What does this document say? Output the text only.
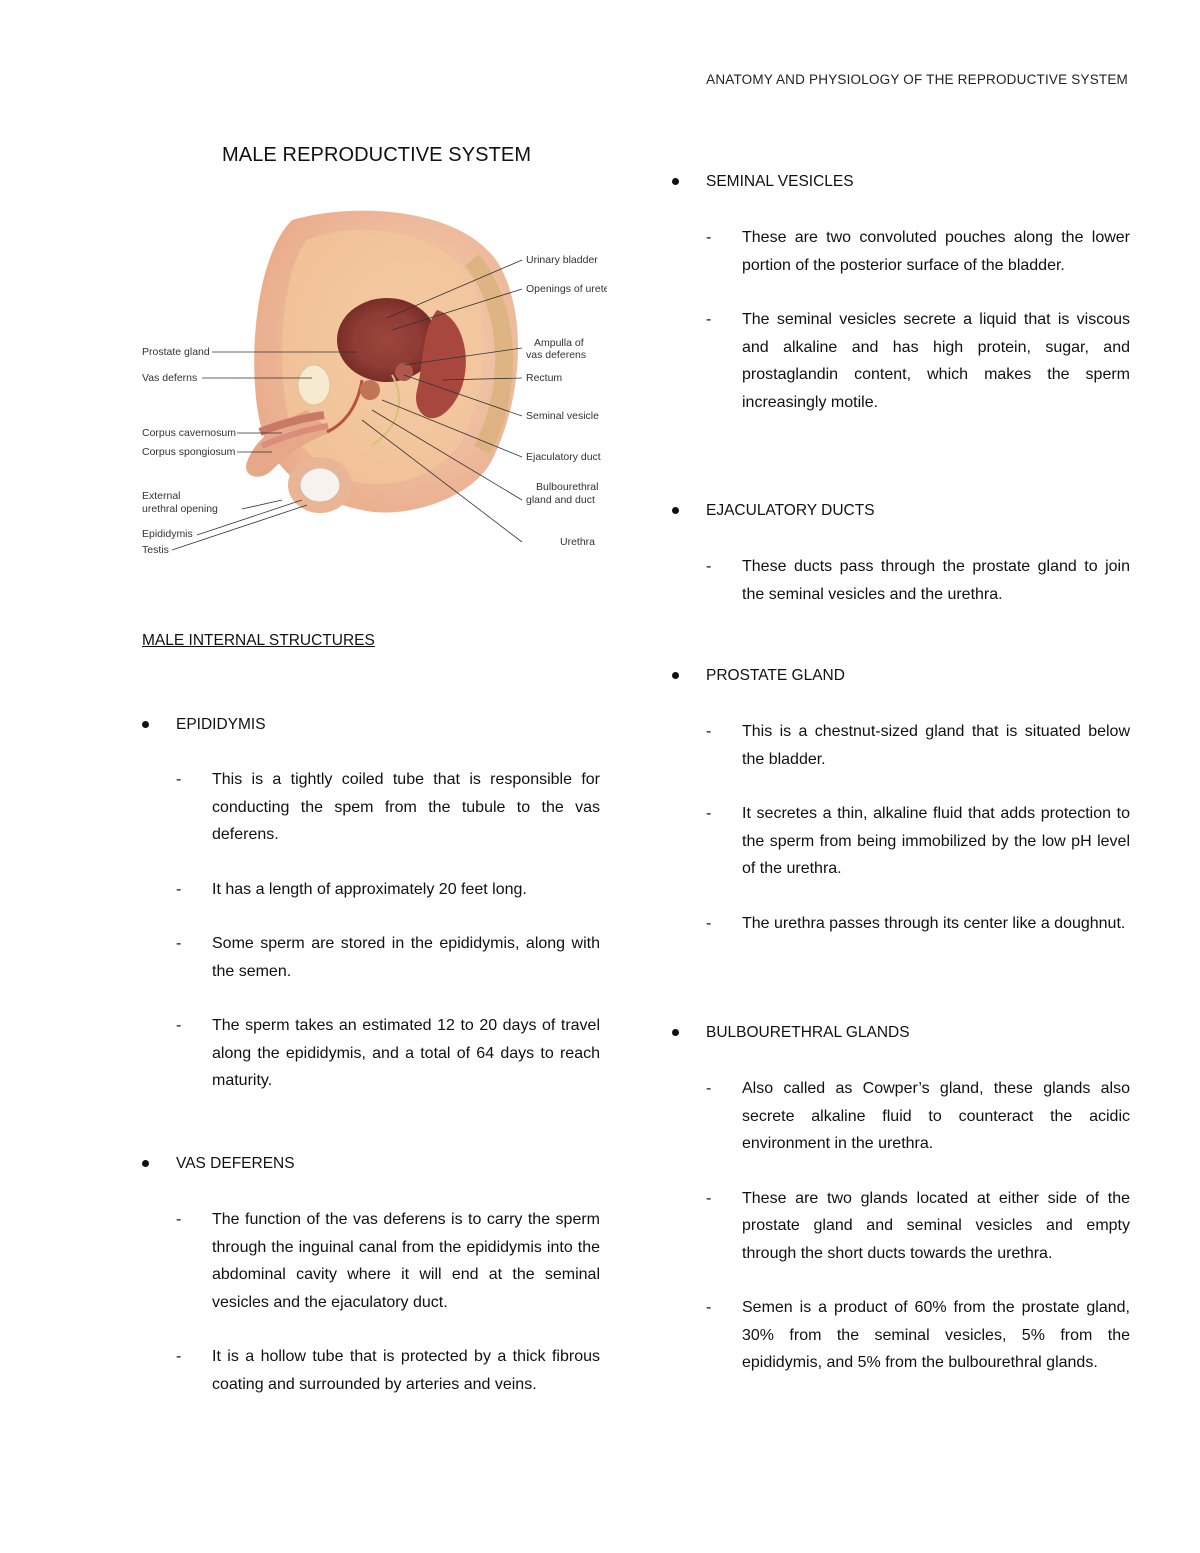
ANATOMY AND PHYSIOLOGY OF THE REPRODUCTIVE SYSTEM
MALE REPRODUCTIVE SYSTEM
Prostate gland
Vas deferns
Corpus cavernosum
Corpus spongiosum
External
urethral opening
Epididymis
Testis
Urinary bladder
Openings of ureter
Ampulla of
vas deferens
Rectum
Seminal vesicle
Ejaculatory duct
Bulbourethral
gland and duct
Urethra
MALE INTERNAL STRUCTURES
EPIDIDYMIS

- This is a tightly coiled tube that is responsible for conducting the spem from the tubule to the vas deferens.

- It has a length of approximately 20 feet long.

- Some sperm are stored in the epididymis, along with the semen.

- The sperm takes an estimated 12 to 20 days of travel along the epididymis, and a total of 64 days to reach maturity.

VAS DEFERENS

- The function of the vas deferens is to carry the sperm through the inguinal canal from the epididymis into the abdominal cavity where it will end at the seminal vesicles and the ejaculatory duct.

- It is a hollow tube that is protected by a thick fibrous coating and surrounded by arteries and veins.

SEMINAL VESICLES

- These are two convoluted pouches along the lower portion of the posterior surface of the bladder.

- The seminal vesicles secrete a liquid that is viscous and alkaline and has high protein, sugar, and prostaglandin content, which makes the sperm increasingly motile.

EJACULATORY DUCTS

- These ducts pass through the prostate gland to join the seminal vesicles and the urethra.

PROSTATE GLAND

- This is a chestnut-sized gland that is situated below the bladder.

- It secretes a thin, alkaline fluid that adds protection to the sperm from being immobilized by the low pH level of the urethra.

- The urethra passes through its center like a doughnut.

BULBOURETHRAL GLANDS

- Also called as Cowper’s gland, these glands also secrete alkaline fluid to counteract the acidic environment in the urethra.

- These are two glands located at either side of the prostate gland and seminal vesicles and empty through the short ducts towards the urethra.

- Semen is a product of 60% from the prostate gland, 30% from the seminal vesicles, 5% from the epididymis, and 5% from the bulbourethral glands.
